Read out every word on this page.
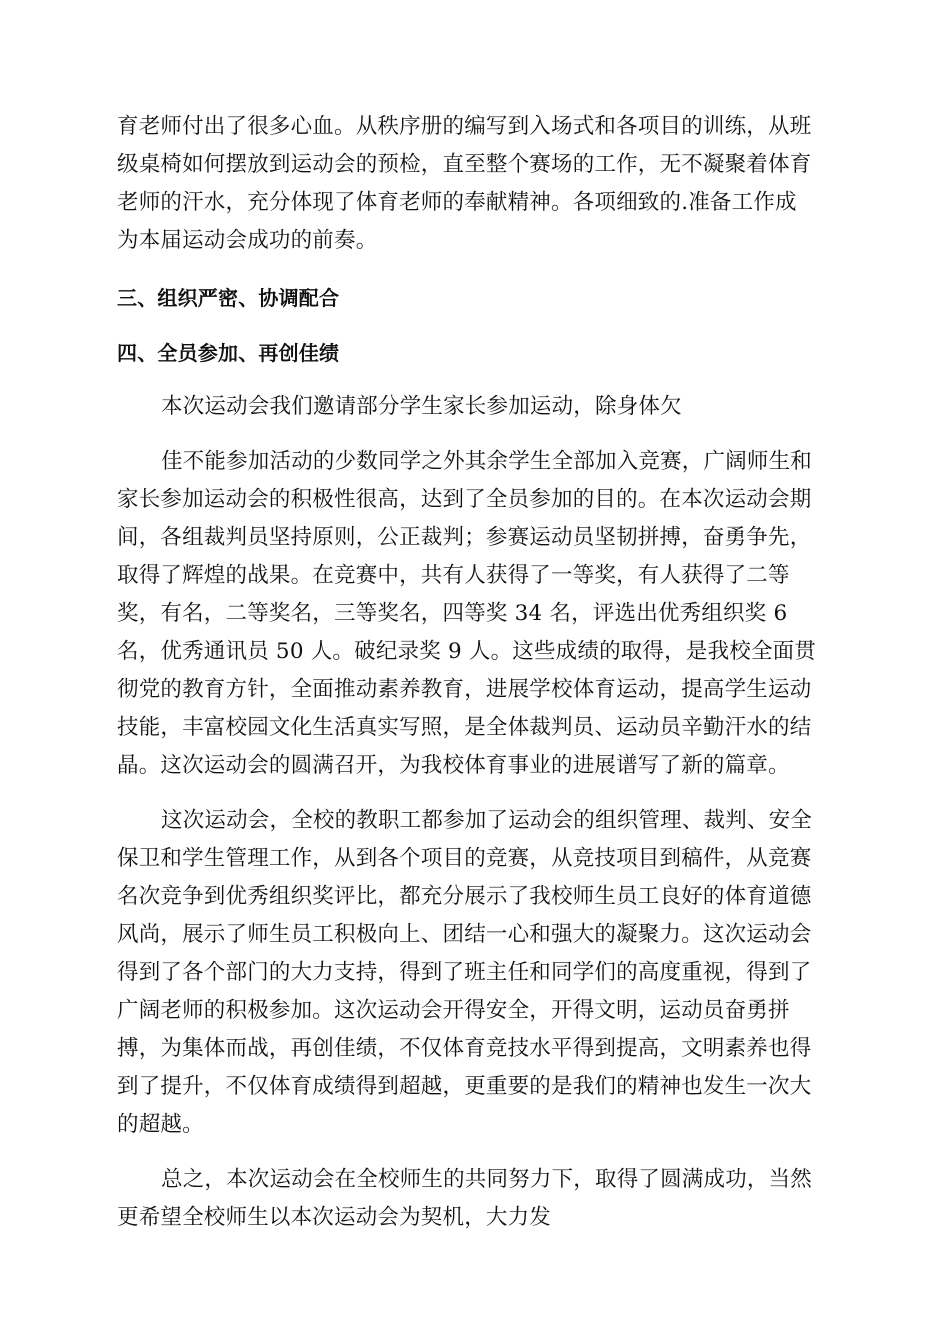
育老师付出了很多心血。从秩序册的编写到入场式和各项目的训练，从班
级桌椅如何摆放到运动会的预检，直至整个赛场的工作，无不凝聚着体育
老师的汗水，充分体现了体育老师的奉献精神。各项细致的.准备工作成
为本届运动会成功的前奏。
三、组织严密、协调配合
四、全员参加、再创佳绩
本次运动会我们邀请部分学生家长参加运动，除身体欠
佳不能参加活动的少数同学之外其余学生全部加入竞赛，广阔师生和
家长参加运动会的积极性很高，达到了全员参加的目的。在本次运动会期
间，各组裁判员坚持原则，公正裁判；参赛运动员坚韧拼搏，奋勇争先，
取得了辉煌的战果。在竞赛中，共有人获得了一等奖，有人获得了二等
奖，有名，二等奖名，三等奖名，四等奖 34 名，评选出优秀组织奖 6
名，优秀通讯员 50 人。破纪录奖 9 人。这些成绩的取得，是我校全面贯
彻党的教育方针，全面推动素养教育，进展学校体育运动，提高学生运动
技能，丰富校园文化生活真实写照，是全体裁判员、运动员辛勤汗水的结
晶。这次运动会的圆满召开，为我校体育事业的进展谱写了新的篇章。
这次运动会，全校的教职工都参加了运动会的组织管理、裁判、安全
保卫和学生管理工作，从到各个项目的竞赛，从竞技项目到稿件，从竞赛
名次竞争到优秀组织奖评比，都充分展示了我校师生员工良好的体育道德
风尚，展示了师生员工积极向上、团结一心和强大的凝聚力。这次运动会
得到了各个部门的大力支持，得到了班主任和同学们的高度重视，得到了
广阔老师的积极参加。这次运动会开得安全，开得文明，运动员奋勇拼
搏，为集体而战，再创佳绩，不仅体育竞技水平得到提高，文明素养也得
到了提升，不仅体育成绩得到超越，更重要的是我们的精神也发生一次大
的超越。
总之，本次运动会在全校师生的共同努力下，取得了圆满成功，当然
更希望全校师生以本次运动会为契机，大力发
